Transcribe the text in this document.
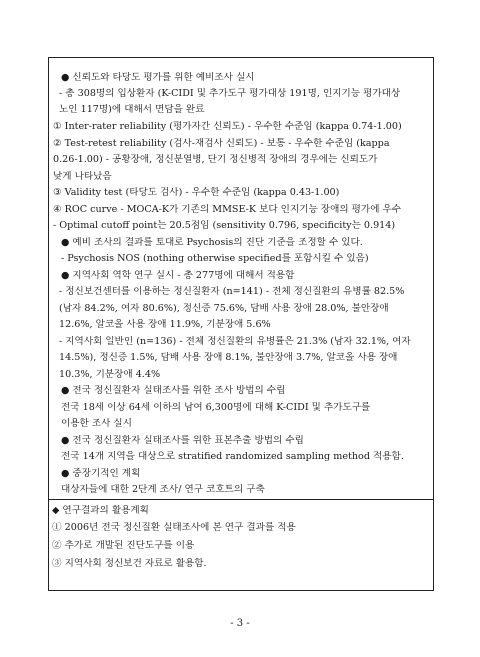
● 신뢰도와 타당도 평가를 위한 예비조사 실시
- 총 308명의 입상환자 (K-CIDI 및 추가도구 평가대상 191명, 인지기능 평가대상
노인 117명)에 대해서 면담을 완료
① Inter-rater reliability (평가자간 신뢰도) - 우수한 수준임 (kappa 0.74-1.00)
② Test-retest reliability (검사-재검사 신뢰도) - 보통 - 우수한 수준임 (kappa
0.26-1.00) - 공황장애, 정신분열병, 단기 정신병적 장애의 경우에는 신뢰도가
낮게 나타났음
③ Validity test (타당도 검사) - 우수한 수준임 (kappa 0.43-1.00)
④ ROC curve - MOCA-K가 기존의 MMSE-K 보다 인지기능 장애의 평가에 우수
- Optimal cutoff point는 20.5점임 (sensitivity 0.796, specificity는 0.914)
● 예비 조사의 결과를 토대로 Psychosis의 진단 기준을 조정할 수 있다.
- Psychosis NOS (nothing otherwise specified를 포함시킬 수 있음)
● 지역사회 역학 연구 실시 - 총 277명에 대해서 적용함
- 정신보건센터를 이용하는 정신질환자 (n=141) - 전체 정신질환의 유병률 82.5%
(남자 84.2%, 여자 80.6%), 정신증 75.6%, 담배 사용 장애 28.0%, 불안장애
12.6%, 알코올 사용 장애 11.9%, 기분장애 5.6%
- 지역사회 일반인 (n=136) - 전체 정신질환의 유병률은 21.3% (남자 32.1%, 여자
14.5%), 정신증 1.5%, 담배 사용 장애 8.1%, 불안장애 3.7%, 알코올 사용 장애
10.3%, 기분장애 4.4%
● 전국 정신질환자 실태조사를 위한 조사 방법의 수립
전국 18세 이상 64세 이하의 남여 6,300명에 대해 K-CIDI 및 추가도구를
이용한 조사 실시
● 전국 정신질환자 실태조사를 위한 표본추출 방법의 수립
전국 14개 지역을 대상으로 stratified randomized sampling method 적용함.
● 중장기적인 계획
대상자들에 대한 2단계 조사/ 연구 코호트의 구축
◆ 연구결과의 활용계획
① 2006년 전국 정신질환 실태조사에 본 연구 결과를 적용
② 추가로 개발된 진단도구를 이용
③ 지역사회 정신보건 자료로 활용함.
- 3 -
